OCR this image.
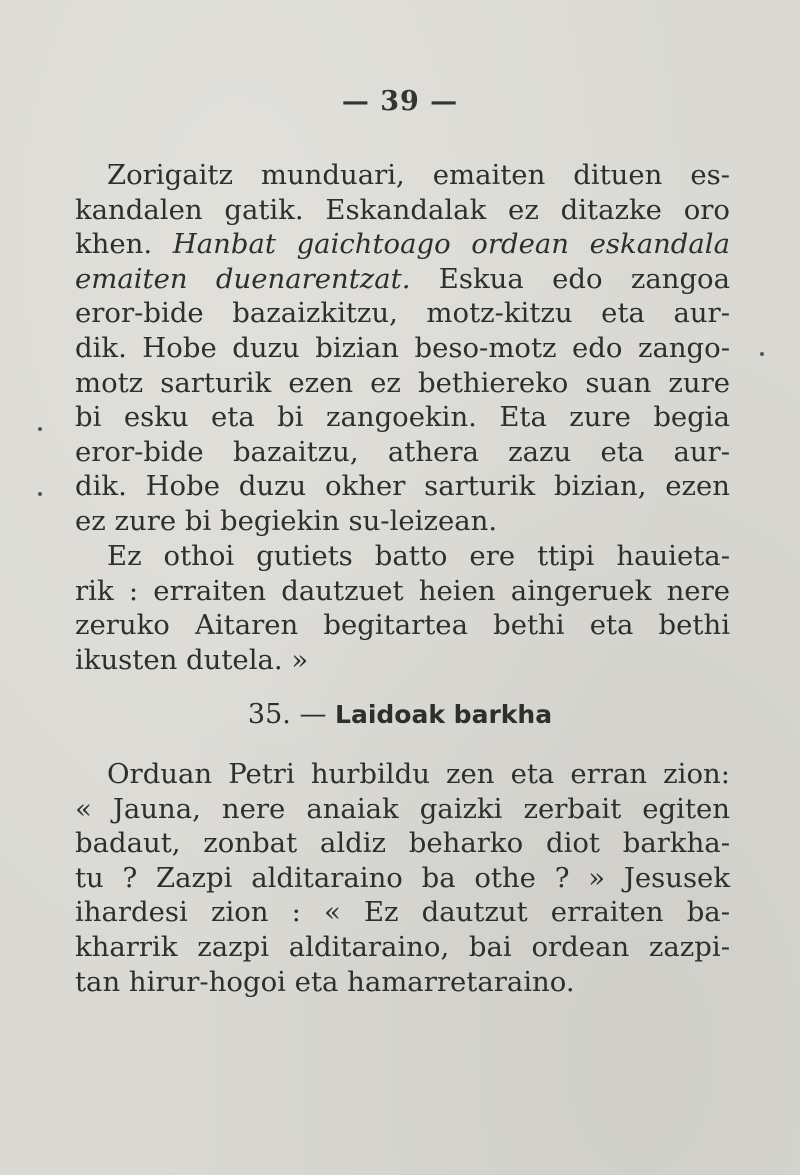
— 39 —
Zorigaitz munduari, emaiten dituen es-
kandalen gatik. Eskandalak ez ditazke oro
khen. Hanbat gaichtoago ordean eskandala
emaiten duenarentzat. Eskua edo zangoa
eror-bide bazaizkitzu, motz-kitzu eta aur-
dik. Hobe duzu bizian beso-motz edo zango-
motz sarturik ezen ez bethiereko suan zure
bi esku eta bi zangoekin. Eta zure begia
eror-bide bazaitzu, athera zazu eta aur-
dik. Hobe duzu okher sarturik bizian, ezen
ez zure bi begiekin su-leizean.
Ez othoi gutiets batto ere ttipi hauieta-
rik : erraiten dautzuet heien aingeruek nere
zeruko Aitaren begitartea bethi eta bethi
ikusten dutela. »
35. — Laidoak barkha
Orduan Petri hurbildu zen eta erran zion:
« Jauna, nere anaiak gaizki zerbait egiten
badaut, zonbat aldiz beharko diot barkha-
tu ? Zazpi alditaraino ba othe ? » Jesusek
ihardesi zion : « Ez dautzut erraiten ba-
kharrik zazpi alditaraino, bai ordean zazpi-
tan hirur-hogoi eta hamarretaraino.
